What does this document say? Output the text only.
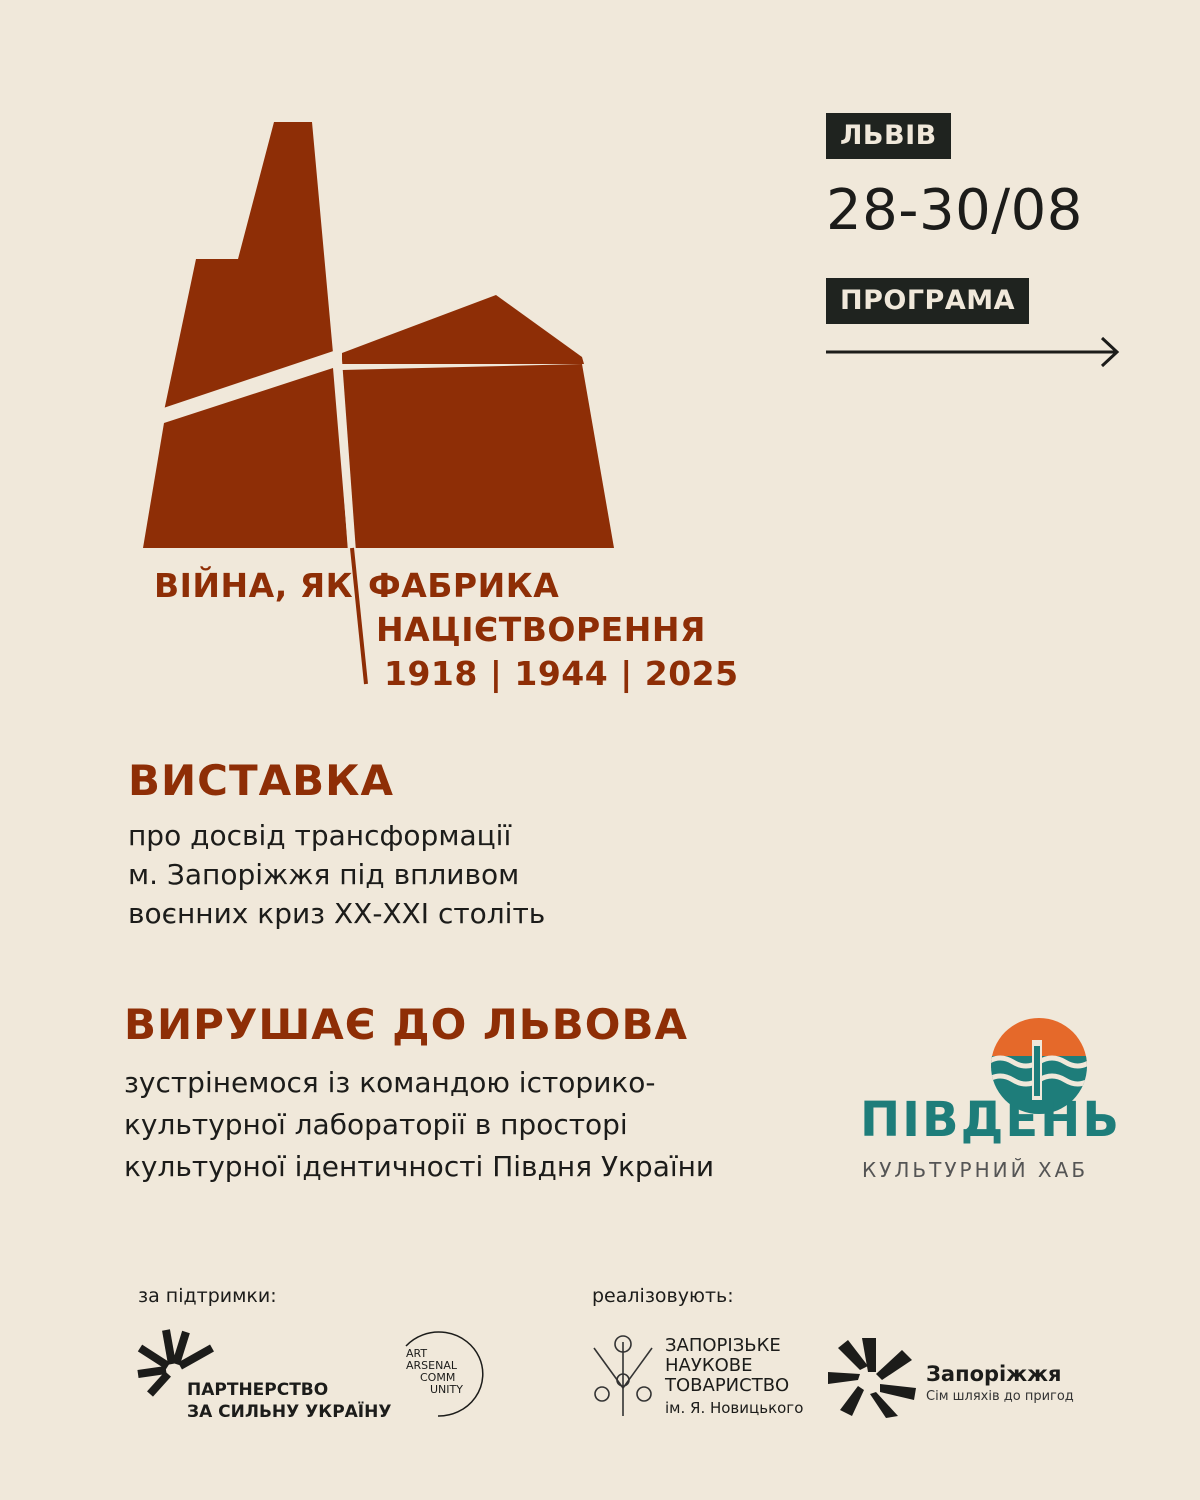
ВІЙНА, ЯК ФАБРИКА
НАЦІЄТВОРЕННЯ
1918 | 1944 | 2025
ЛЬВІВ
28-30/08
ПРОГРАМА
ВИСТАВКА
про досвід трансформації
м. Запоріжжя під впливом
воєнних криз ХХ-ХХІ століть
ВИРУШАЄ ДО ЛЬВОВА
зустрінемося із командою історико-
культурної лабораторії в просторі
культурної ідентичності Півдня України
ПІВДЕНЬ
КУЛЬТУРНИЙ ХАБ
за підтримки:	реалізовують:
ПАРТНЕРСТВО
ЗА СИЛЬНУ УКРАЇНУ
ART
ARSENAL
COMM
UNITY
ЗАПОРІЗЬКЕ
НАУКОВЕ
ТОВАРИСТВО
ім. Я. Новицького
Запоріжжя
Сім шляхів до пригод
